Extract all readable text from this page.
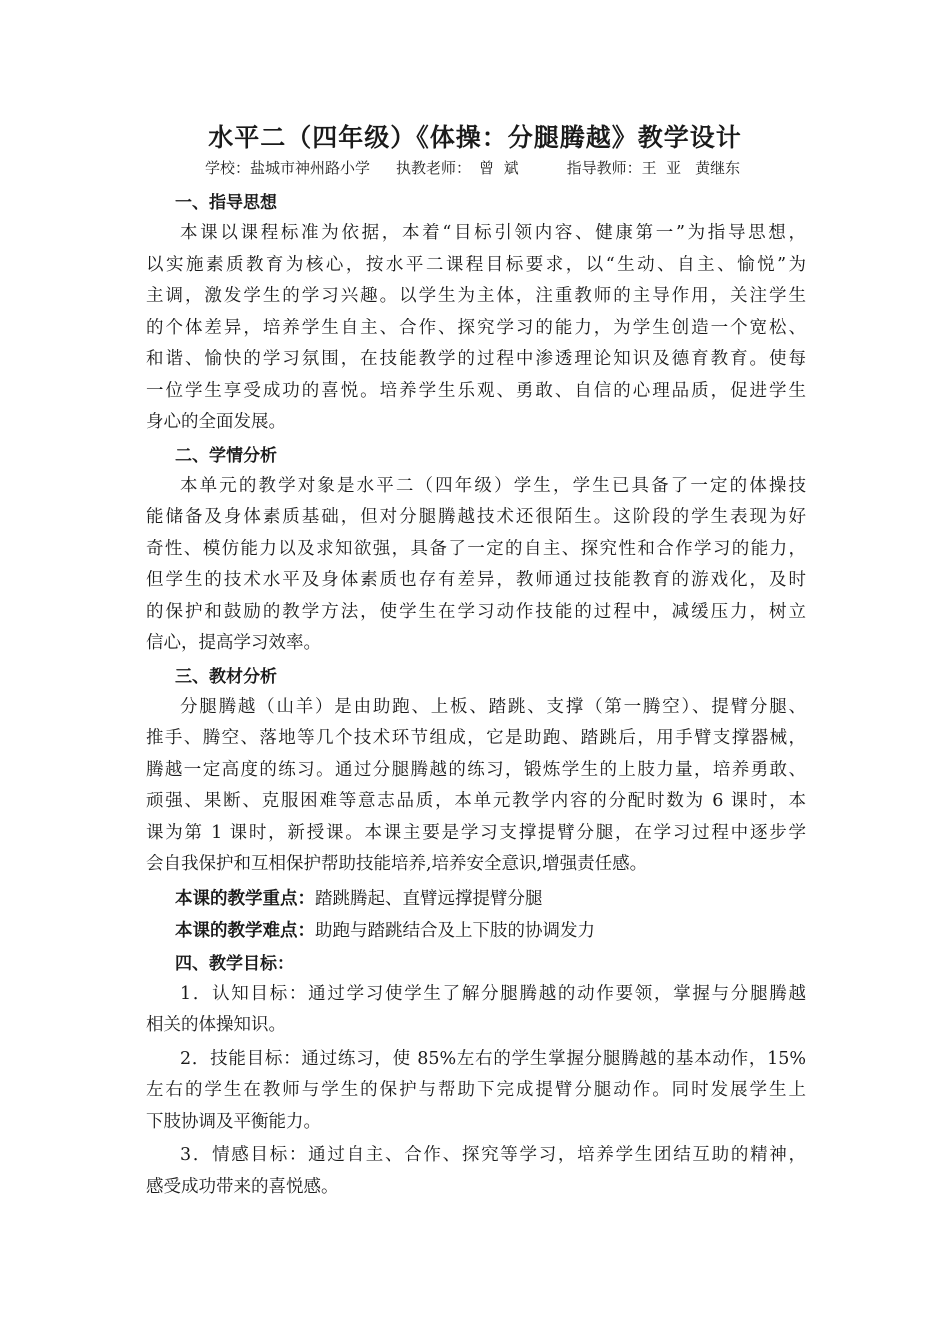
水平二（四年级）《体操：分腿腾越》教学设计
学校：盐城市神州路小学 执教老师： 曾  斌	指导教师：王  亚 黄继东
一、指导思想
本课以课程标准为依据，本着“目标引领内容、健康第一”为指导思想，
以实施素质教育为核心，按水平二课程目标要求，以“生动、自主、愉悦”为
主调，激发学生的学习兴趣。以学生为主体，注重教师的主导作用，关注学生
的个体差异，培养学生自主、合作、探究学习的能力，为学生创造一个宽松、
和谐、愉快的学习氛围，在技能教学的过程中渗透理论知识及德育教育。使每
一位学生享受成功的喜悦。培养学生乐观、勇敢、自信的心理品质，促进学生
身心的全面发展。
二、学情分析
本单元的教学对象是水平二（四年级）学生，学生已具备了一定的体操技
能储备及身体素质基础，但对分腿腾越技术还很陌生。这阶段的学生表现为好
奇性、模仿能力以及求知欲强，具备了一定的自主、探究性和合作学习的能力，
但学生的技术水平及身体素质也存有差异，教师通过技能教育的游戏化，及时
的保护和鼓励的教学方法，使学生在学习动作技能的过程中，减缓压力，树立
信心，提高学习效率。
三、教材分析
分腿腾越（山羊）是由助跑、上板、踏跳、支撑（第一腾空）、提臂分腿、
推手、腾空、落地等几个技术环节组成，它是助跑、踏跳后，用手臂支撑器械，
腾越一定高度的练习。通过分腿腾越的练习，锻炼学生的上肢力量，培养勇敢、
顽强、果断、克服困难等意志品质，本单元教学内容的分配时数为 6 课时，本
课为第 1 课时，新授课。本课主要是学习支撑提臂分腿，在学习过程中逐步学
会自我保护和互相保护帮助技能培养,培养安全意识,增强责任感。
本课的教学重点：踏跳腾起、直臂远撑提臂分腿
本课的教学难点：助跑与踏跳结合及上下肢的协调发力
四、教学目标：
1．认知目标：通过学习使学生了解分腿腾越的动作要领，掌握与分腿腾越
相关的体操知识。
2．技能目标：通过练习，使 85%左右的学生掌握分腿腾越的基本动作，15%
左右的学生在教师与学生的保护与帮助下完成提臂分腿动作。同时发展学生上
下肢协调及平衡能力。
3．情感目标：通过自主、合作、探究等学习，培养学生团结互助的精神，
感受成功带来的喜悦感。
